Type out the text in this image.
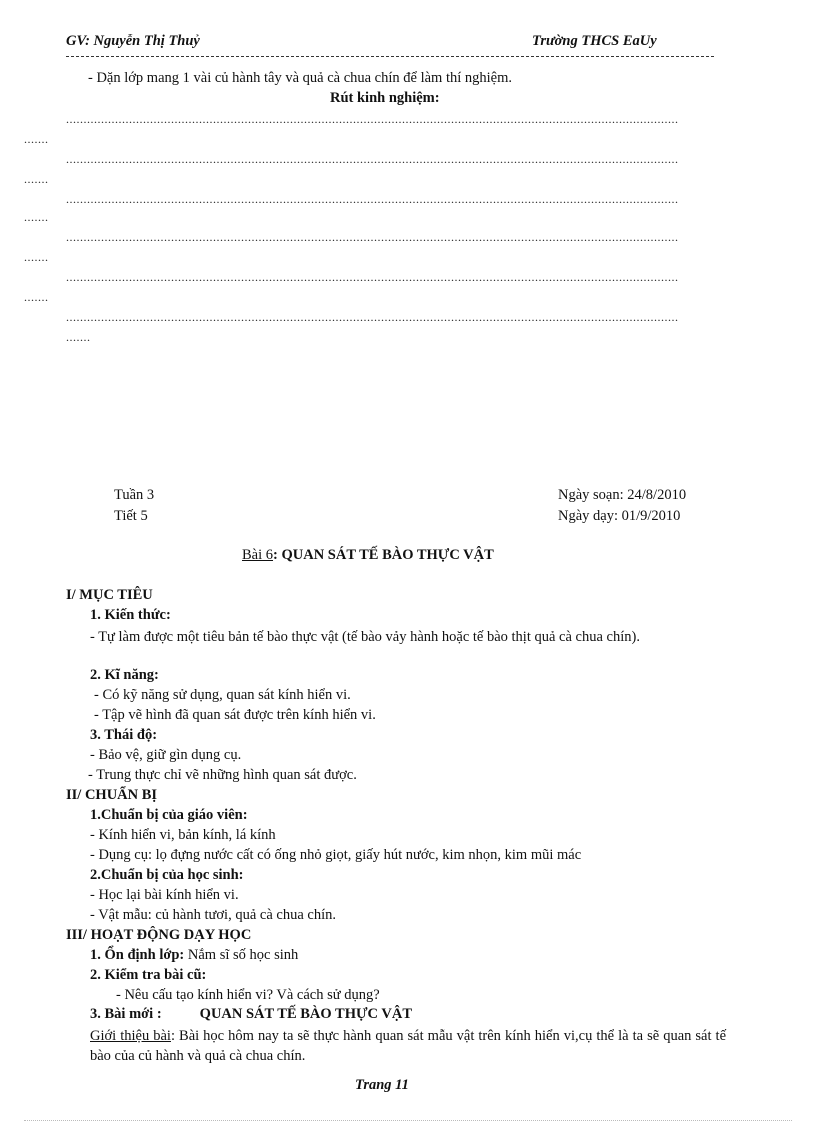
GV: Nguyễn Thị Thuỷ	Trường THCS EaUy
- Dặn lớp mang 1 vài củ hành tây và quả cà chua chín để làm thí nghiệm.
Rút kinh nghiệm:
...............................................................................................................................................................................
.......
...............................................................................................................................................................................
.......
...............................................................................................................................................................................
.......
...............................................................................................................................................................................
.......
...............................................................................................................................................................................
.......
...............................................................................................................................................................................
.......
Tuần 3
Tiết 5
Ngày soạn: 24/8/2010
Ngày dạy: 01/9/2010
Bài 6: QUAN SÁT TẾ BÀO THỰC VẬT
I/ MỤC TIÊU
1. Kiến thức:
- Tự làm được một tiêu bản tế bào thực vật (tế bào vảy hành hoặc tế bào thịt quả cà chua chín).
2. Kĩ năng:
- Có kỹ năng sử dụng, quan sát kính hiển vi.
- Tập vẽ hình đã quan sát được trên kính hiển vi.
3. Thái độ:
- Bảo vệ, giữ gìn dụng cụ.
- Trung thực chỉ vẽ những hình quan sát được.
II/ CHUẨN BỊ
1.Chuẩn bị của giáo viên:
- Kính hiển vi, bản kính, lá kính
- Dụng cụ: lọ đựng nước cất có ống nhỏ giọt, giấy hút nước, kim nhọn, kim mũi mác
2.Chuẩn bị của học sinh:
- Học lại bài kính hiển vi.
- Vật mẫu: củ hành tươi, quả cà chua chín.
III/ HOẠT ĐỘNG DẠY HỌC
1. Ổn định lớp: Nắm sĩ số học sinh
2. Kiểm tra bài cũ:
- Nêu cấu tạo kính hiển vi? Và cách sử dụng?
3. Bài mới :	QUAN SÁT TẾ BÀO THỰC VẬT
Giới thiệu bài: Bài học hôm nay ta sẽ thực hành quan sát mẫu vật trên kính hiển vi,cụ thể là ta sẽ quan sát tế bào của củ hành và quả cà chua chín.
Trang 11
